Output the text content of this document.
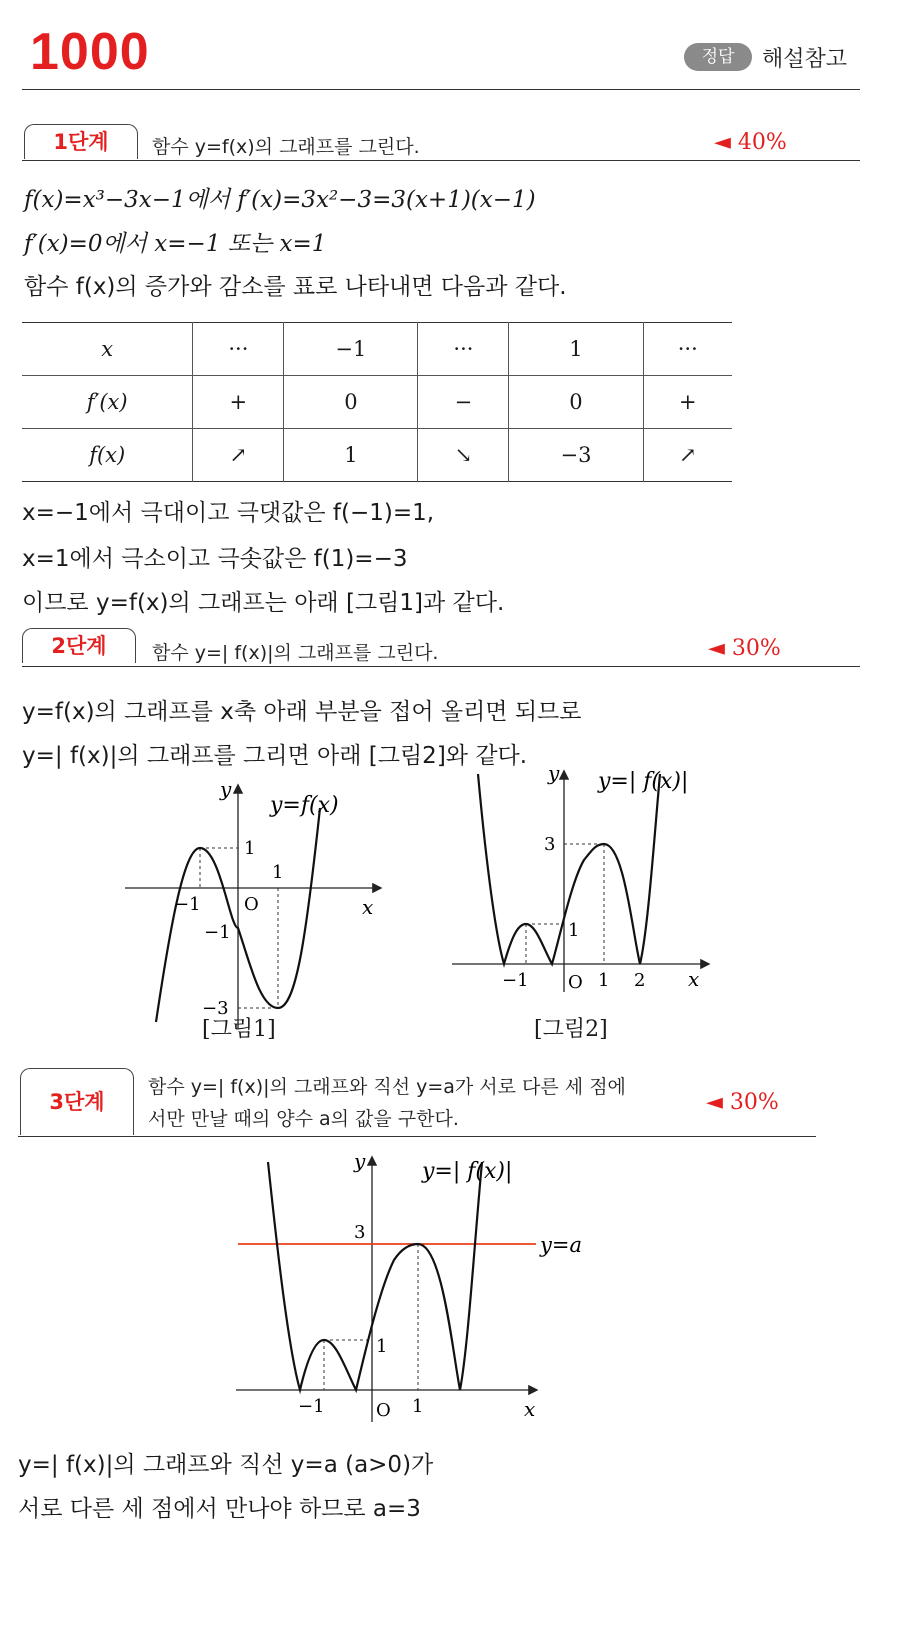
1000	정답	해설참고
1단계	함수 y=f(x)의 그래프를 그린다.	◄ 40%
f(x)=x³−3x−1에서 f′(x)=3x²−3=3(x+1)(x−1)
f′(x)=0에서 x=−1 또는 x=1
함수 f(x)의 증가와 감소를 표로 나타내면 다음과 같다.
x	···	−1	···	1	···
f′(x)	+	0	−	0	+
f(x)	↗	1	↘	−3	↗
x=−1에서 극대이고 극댓값은 f(−1)=1,
x=1에서 극소이고 극솟값은 f(1)=−3
이므로 y=f(x)의 그래프는 아래 [그림1]과 같다.
2단계	함수 y=| f(x)|의 그래프를 그린다.	◄ 30%
y=f(x)의 그래프를 x축 아래 부분을 접어 올리면 되므로
y=| f(x)|의 그래프를 그리면 아래 [그림2]와 같다.
y
y=f(x)
1
1
−1 O	x
−1
−3
[그림1]
y y=| f(x)|
3
1
−1 O 1 2 x
[그림2]
3단계
함수 y=| f(x)|의 그래프와 직선 y=a가 서로 다른 세 점에
서만 만날 때의 양수 a의 값을 구한다.
◄ 30%
y	y=| f(x)|
3
y=a
1
−1	O 1	x
y=| f(x)|의 그래프와 직선 y=a (a>0)가
서로 다른 세 점에서 만나야 하므로 a=3
